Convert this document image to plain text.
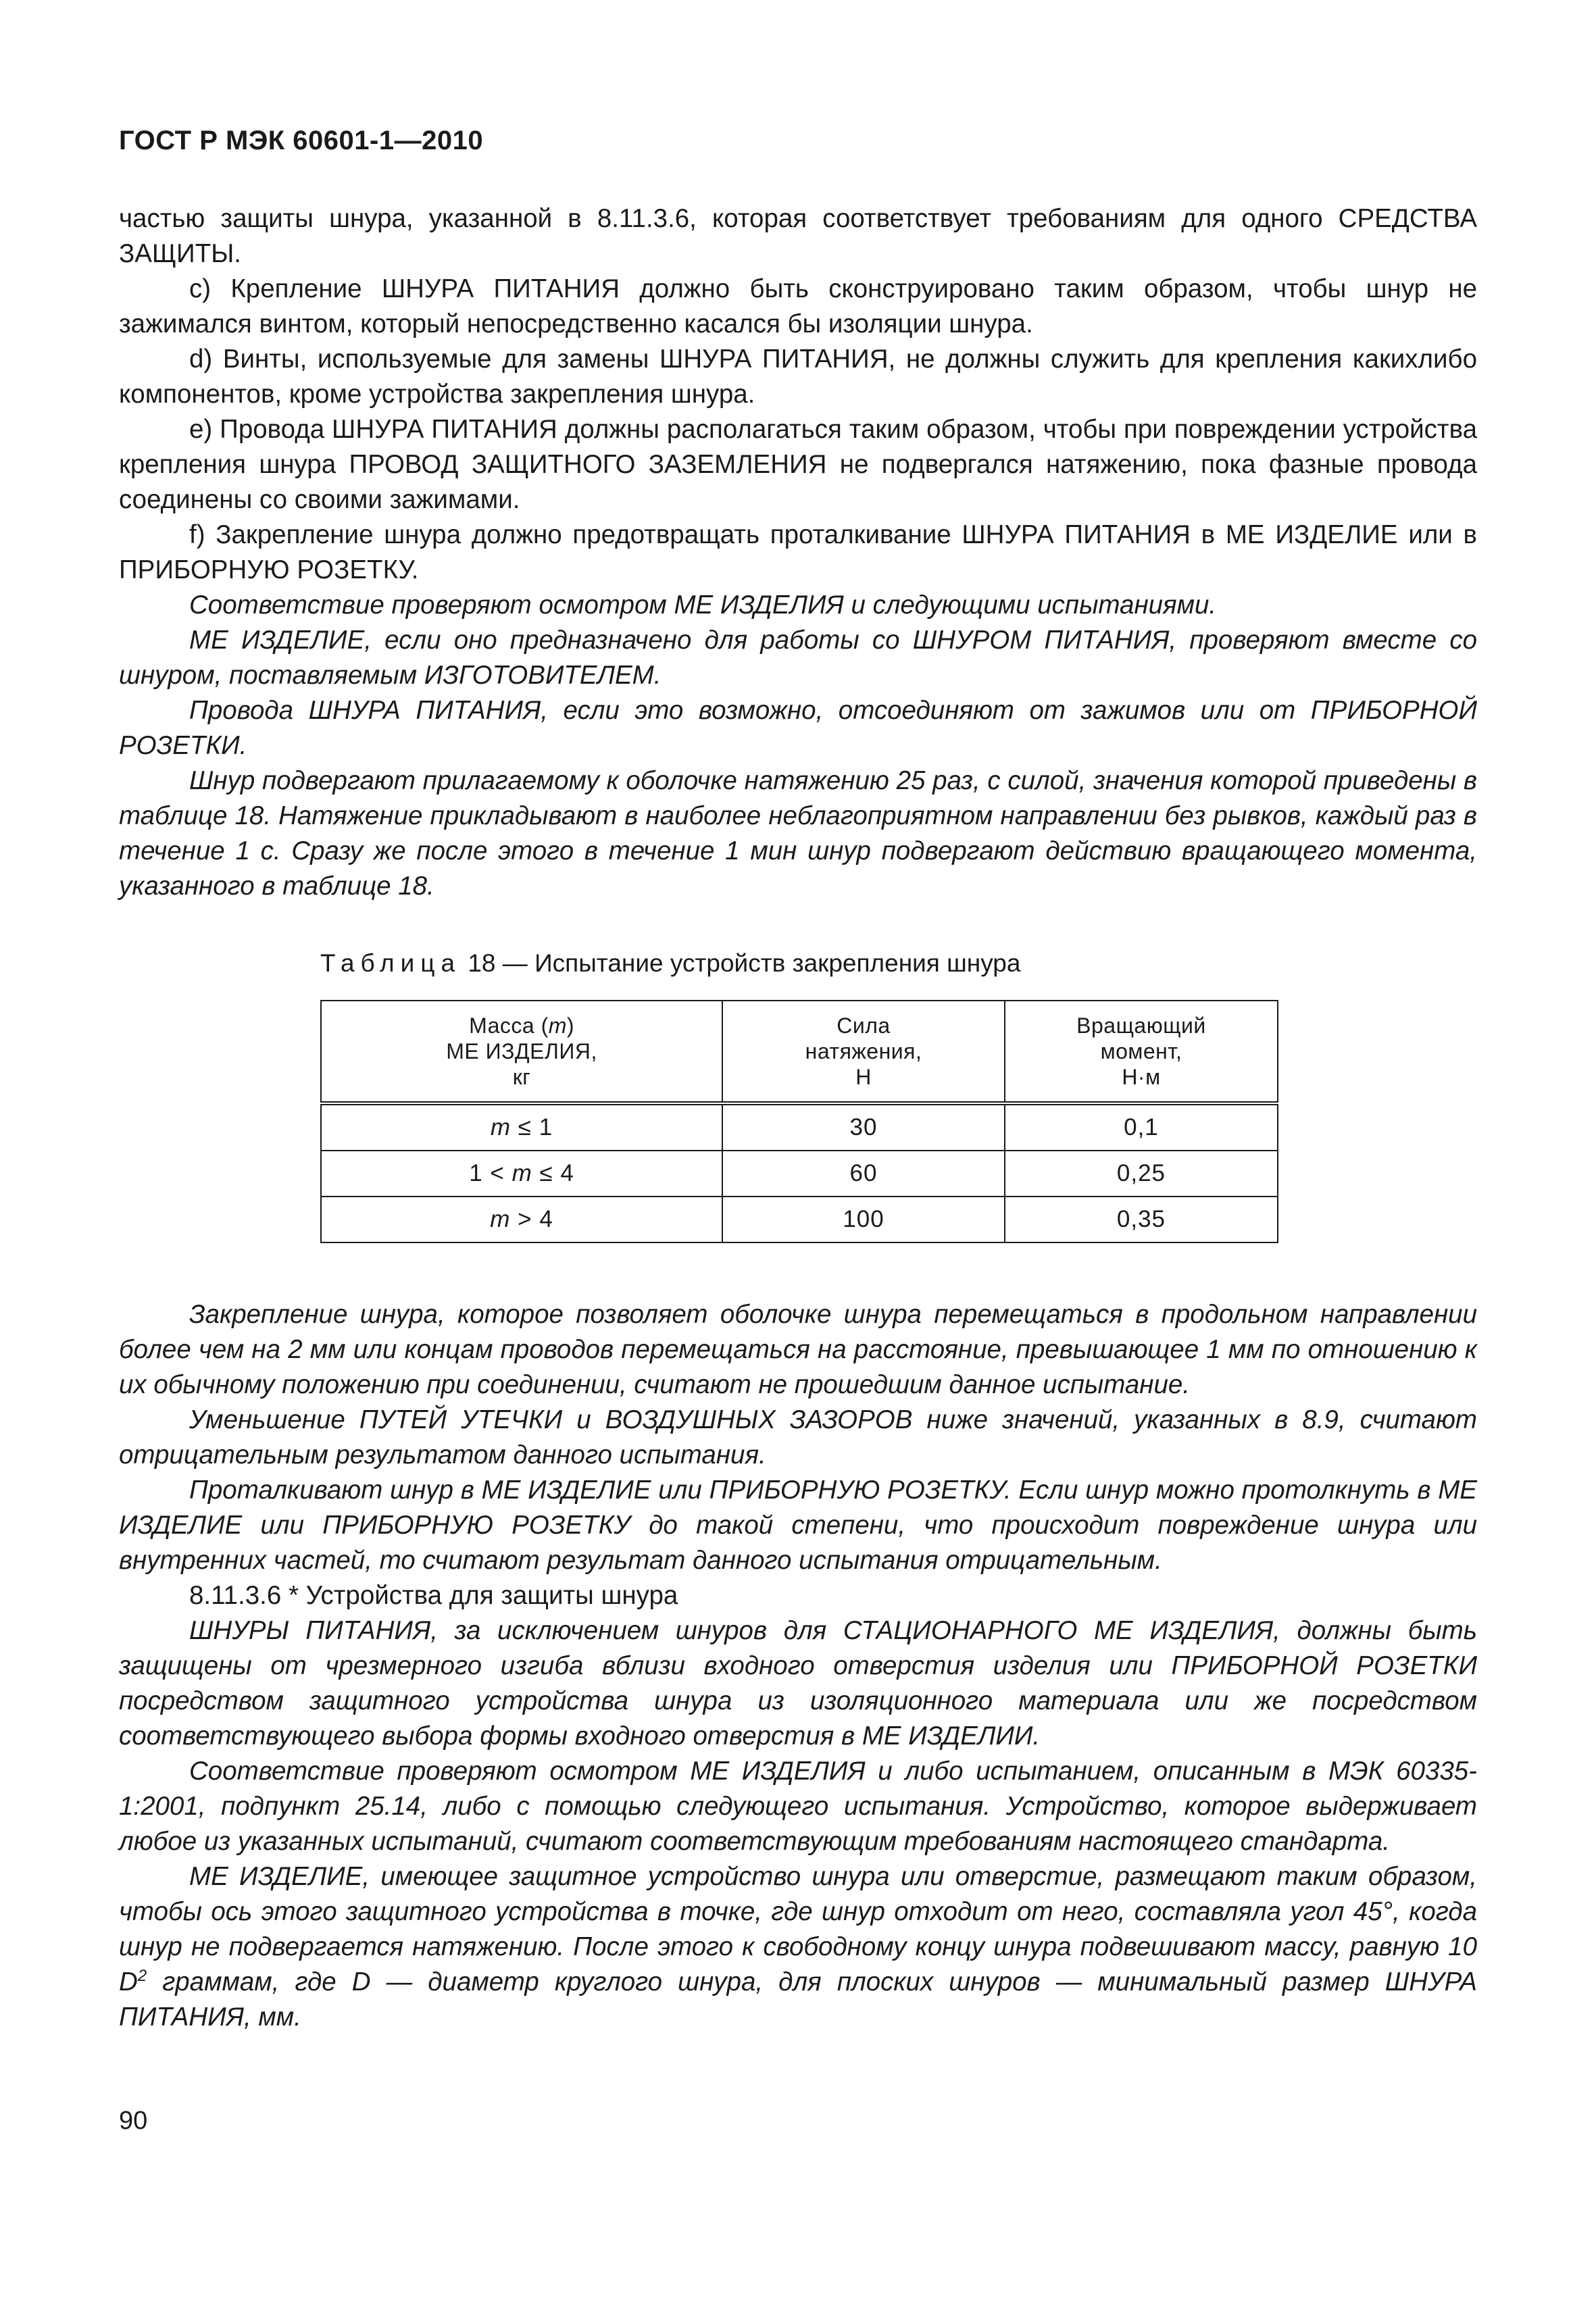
ГОСТ Р МЭК 60601-1—2010

частью защиты шнура, указанной в 8.11.3.6, которая соответствует требованиям для одного СРЕДСТВА ЗАЩИТЫ.

c) Крепление ШНУРА ПИТАНИЯ должно быть сконструировано таким образом, чтобы шнур не зажимался винтом, который непосредственно касался бы изоляции шнура.

d) Винты, используемые для замены ШНУРА ПИТАНИЯ, не должны служить для крепления какихлибо компонентов, кроме устройства закрепления шнура.

e) Провода ШНУРА ПИТАНИЯ должны располагаться таким образом, чтобы при повреждении устройства крепления шнура ПРОВОД ЗАЩИТНОГО ЗАЗЕМЛЕНИЯ не подвергался натяжению, пока фазные провода соединены со своими зажимами.

f) Закрепление шнура должно предотвращать проталкивание ШНУРА ПИТАНИЯ в МЕ ИЗДЕЛИЕ или в ПРИБОРНУЮ РОЗЕТКУ.

Соответствие проверяют осмотром МЕ ИЗДЕЛИЯ и следующими испытаниями.

МЕ ИЗДЕЛИЕ, если оно предназначено для работы со ШНУРОМ ПИТАНИЯ, проверяют вместе со шнуром, поставляемым ИЗГОТОВИТЕЛЕМ.

Провода ШНУРА ПИТАНИЯ, если это возможно, отсоединяют от зажимов или от ПРИБОРНОЙ РОЗЕТКИ.

Шнур подвергают прилагаемому к оболочке натяжению 25 раз, с силой, значения которой приведены в таблице 18. Натяжение прикладывают в наиболее неблагоприятном направлении без рывков, каждый раз в течение 1 с. Сразу же после этого в течение 1 мин шнур подвергают действию вращающего момента, указанного в таблице 18.

Таблица 18 — Испытание устройств закрепления шнура
Масса (m)
МЕ ИЗДЕЛИЯ,
кг	Сила
натяжения,
Н	Вращающий
момент,
Н·м
m ≤ 1	30	0,1
1 < m ≤ 4	60	0,25
m > 4	100	0,35

Закрепление шнура, которое позволяет оболочке шнура перемещаться в продольном направлении более чем на 2 мм или концам проводов перемещаться на расстояние, превышающее 1 мм по отношению к их обычному положению при соединении, считают не прошедшим данное испытание.

Уменьшение ПУТЕЙ УТЕЧКИ и ВОЗДУШНЫХ ЗАЗОРОВ ниже значений, указанных в 8.9, считают отрицательным результатом данного испытания.

Проталкивают шнур в МЕ ИЗДЕЛИЕ или ПРИБОРНУЮ РОЗЕТКУ. Если шнур можно протолкнуть в МЕ ИЗДЕЛИЕ или ПРИБОРНУЮ РОЗЕТКУ до такой степени, что происходит повреждение шнура или внутренних частей, то считают результат данного испытания отрицательным.

8.11.3.6 * Устройства для защиты шнура

ШНУРЫ ПИТАНИЯ, за исключением шнуров для СТАЦИОНАРНОГО МЕ ИЗДЕЛИЯ, должны быть защищены от чрезмерного изгиба вблизи входного отверстия изделия или ПРИБОРНОЙ РОЗЕТКИ посредством защитного устройства шнура из изоляционного материала или же посредством соответствующего выбора формы входного отверстия в МЕ ИЗДЕЛИИ.

Соответствие проверяют осмотром МЕ ИЗДЕЛИЯ и либо испытанием, описанным в МЭК 60335-1:2001, подпункт 25.14, либо с помощью следующего испытания. Устройство, которое выдерживает любое из указанных испытаний, считают соответствующим требованиям настоящего стандарта.

МЕ ИЗДЕЛИЕ, имеющее защитное устройство шнура или отверстие, размещают таким образом, чтобы ось этого защитного устройства в точке, где шнур отходит от него, составляла угол 45°, когда шнур не подвергается натяжению. После этого к свободному концу шнура подвешивают массу, равную 10 $D^2$ граммам, где D — диаметр круглого шнура, для плоских шнуров — минимальный размер ШНУРА ПИТАНИЯ, мм.

90
